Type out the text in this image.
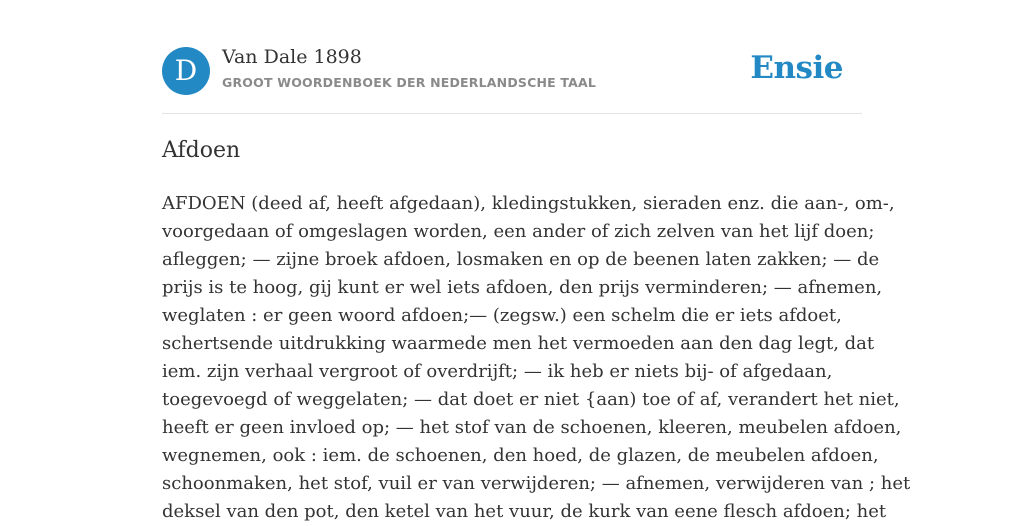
D	Van Dale 1898
GROOT WOORDENBOEK DER NEDERLANDSCHE TAAL	Ensie
Afdoen
AFDOEN (deed af, heeft afgedaan), kledingstukken, sieraden enz. die aan-, om-,
voorgedaan of omgeslagen worden, een ander of zich zelven van het lijf doen;
afleggen; — zijne broek afdoen, losmaken en op de beenen laten zakken; — de
prijs is te hoog, gij kunt er wel iets afdoen, den prijs verminderen; — afnemen,
weglaten : er geen woord afdoen;— (zegsw.) een schelm die er iets afdoet,
schertsende uitdrukking waarmede men het vermoeden aan den dag legt, dat
iem. zijn verhaal vergroot of overdrijft; — ik heb er niets bij- of afgedaan,
toegevoegd of weggelaten; — dat doet er niet {aan) toe of af, verandert het niet,
heeft er geen invloed op; — het stof van de schoenen, kleeren, meubelen afdoen,
wegnemen, ook : iem. de schoenen, den hoed, de glazen, de meubelen afdoen,
schoonmaken, het stof, vuil er van verwijderen; — afnemen, verwijderen van ; het
deksel van den pot, den ketel van het vuur, de kurk van eene flesch afdoen; het
